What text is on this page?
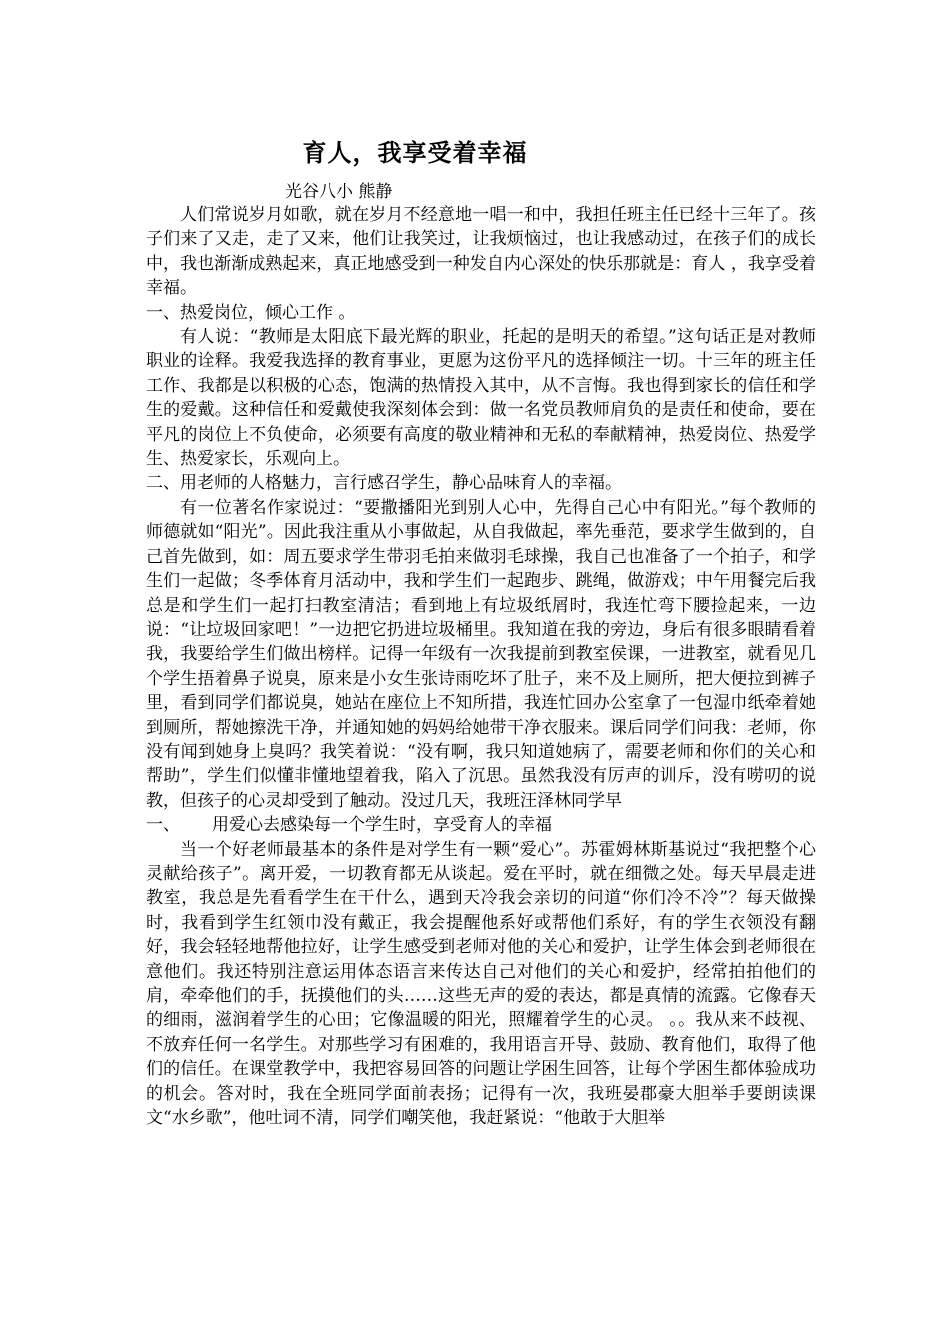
育人，我享受着幸福
光谷八小 熊静

人们常说岁月如歌，就在岁月不经意地一唱一和中，我担任班主任已经十三年了。孩子们来了又走，走了又来，他们让我笑过，让我烦恼过，也让我感动过，在孩子们的成长中，我也渐渐成熟起来，真正地感受到一种发自内心深处的快乐那就是：育人 ，我享受着幸福。

一、热爱岗位，倾心工作 。

有人说：“教师是太阳底下最光辉的职业，托起的是明天的希望。”这句话正是对教师职业的诠释。我爱我选择的教育事业，更愿为这份平凡的选择倾注一切。十三年的班主任工作、我都是以积极的心态，饱满的热情投入其中，从不言悔。我也得到家长的信任和学生的爱戴。这种信任和爱戴使我深刻体会到：做一名党员教师肩负的是责任和使命，要在平凡的岗位上不负使命，必须要有高度的敬业精神和无私的奉献精神，热爱岗位、热爱学生、热爱家长，乐观向上。

二、用老师的人格魅力，言行感召学生，静心品味育人的幸福。

有一位著名作家说过：“要撒播阳光到别人心中，先得自己心中有阳光。”每个教师的师德就如“阳光”。因此我注重从小事做起，从自我做起，率先垂范，要求学生做到的，自己首先做到，如：周五要求学生带羽毛拍来做羽毛球操，我自己也准备了一个拍子，和学生们一起做；冬季体育月活动中，我和学生们一起跑步、跳绳，做游戏；中午用餐完后我总是和学生们一起打扫教室清洁；看到地上有垃圾纸屑时，我连忙弯下腰捡起来，一边说：“让垃圾回家吧！”一边把它扔进垃圾桶里。我知道在我的旁边，身后有很多眼睛看着我，我要给学生们做出榜样。记得一年级有一次我提前到教室侯课，一进教室，就看见几个学生捂着鼻子说臭，原来是小女生张诗雨吃坏了肚子，来不及上厕所，把大便拉到裤子里，看到同学们都说臭，她站在座位上不知所措，我连忙回办公室拿了一包湿巾纸牵着她到厕所，帮她擦洗干净，并通知她的妈妈给她带干净衣服来。课后同学们问我：老师，你没有闻到她身上臭吗？我笑着说：“没有啊，我只知道她病了，需要老师和你们的关心和帮助”，学生们似懂非懂地望着我，陷入了沉思。虽然我没有厉声的训斥，没有唠叨的说教，但孩子的心灵却受到了触动。没过几天，我班汪泽林同学早

一、 用爱心去感染每一个学生时，享受育人的幸福

当一个好老师最基本的条件是对学生有一颗“爱心”。苏霍姆林斯基说过“我把整个心灵献给孩子”。离开爱，一切教育都无从谈起。爱在平时，就在细微之处。每天早晨走进教室，我总是先看看学生在干什么，遇到天冷我会亲切的问道“你们冷不冷”？每天做操时，我看到学生红领巾没有戴正，我会提醒他系好或帮他们系好，有的学生衣领没有翻好，我会轻轻地帮他拉好，让学生感受到老师对他的关心和爱护，让学生体会到老师很在意他们。我还特别注意运用体态语言来传达自己对他们的关心和爱护，经常拍拍他们的肩，牵牵他们的手，抚摸他们的头……这些无声的爱的表达，都是真情的流露。它像春天的细雨，滋润着学生的心田；它像温暖的阳光，照耀着学生的心灵。 。。我从来不歧视、不放弃任何一名学生。对那些学习有困难的，我用语言开导、鼓励、教育他们，取得了他们的信任。在课堂教学中，我把容易回答的问题让学困生回答，让每个学困生都体验成功的机会。答对时，我在全班同学面前表扬；记得有一次，我班晏郡豪大胆举手要朗读课文“水乡歌”，他吐词不清，同学们嘲笑他，我赶紧说：“他敢于大胆举
